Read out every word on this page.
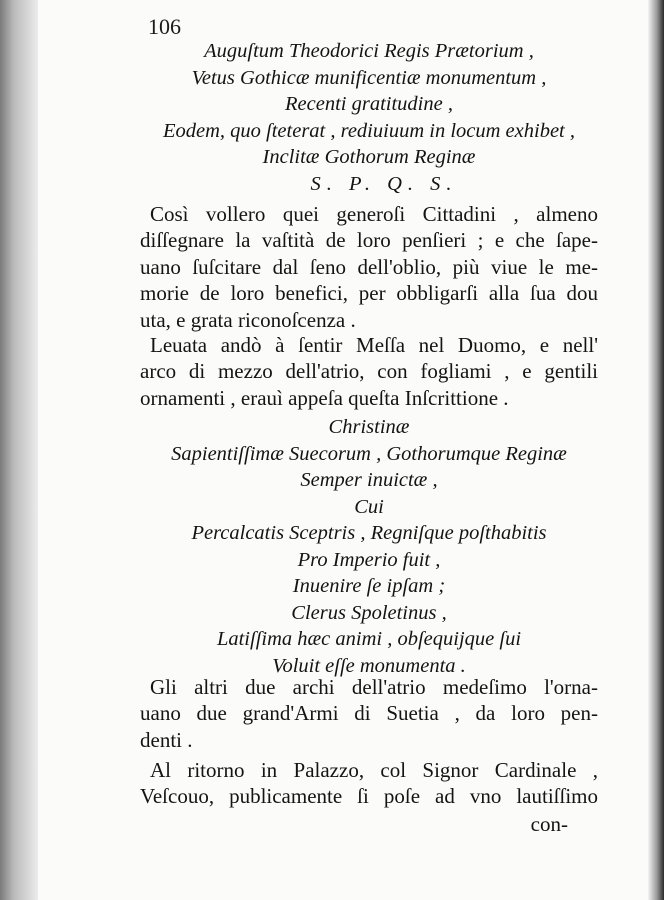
106
Auguſtum Theodorici Regis Prætorium ,
Vetus Gothicæ munificentiæ monumentum ,
Recenti gratitudine ,
Eodem, quo ſteterat , rediuiuum in locum exhibet ,
Inclitæ Gothorum Reginæ
S. P. Q. S.
Così vollero quei generoſi Cittadini , almeno
diſſegnare la vaſtità de loro penſieri ; e che ſape-
uano ſuſcitare dal ſeno dell'oblio, più viue le me-
morie de loro benefici, per obbligarſi alla ſua dou
uta, e grata riconoſcenza .
Leuata andò à ſentir Meſſa nel Duomo, e nell'
arco di mezzo dell'atrio, con fogliami , e gentili
ornamenti , erauì appeſa queſta Inſcrittione .
Christinæ
Sapientiſſimæ Suecorum , Gothorumque Reginæ
Semper inuictæ ,
Cui
Percalcatis Sceptris , Regniſque poſthabitis
Pro Imperio fuit ,
Inuenire ſe ipſam ;
Clerus Spoletinus ,
Latiſſima hæc animi , obſequijque ſui
Voluit eſſe monumenta .
Gli altri due archi dell'atrio medeſimo l'orna-
uano due grand'Armi di Suetia , da loro pen-
denti .
Al ritorno in Palazzo, col Signor Cardinale ,
Veſcouo, publicamente ſi poſe ad vno lautiſſimo
con-
